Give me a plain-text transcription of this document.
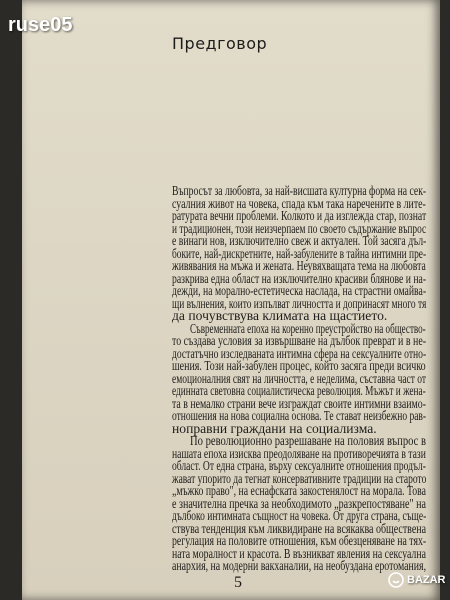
Предговор
Въпросът за любовта, за най-висшата културна форма на сек-
суалния живот на човека, спада към така наречените в лите-
ратурата вечни проблеми. Колкото и да изглежда стар, познат
и традиционен, този неизчерпаем по своето съдържание въпрос
е винаги нов, изключително свеж и актуален. Той засяга дъл-
боките, най-дискретните, най-забулените в тайна интимни пре-
живявания на мъжа и жената. Неувяхващата тема на любовта
разкрива една област на изключително красиви блянове и на-
дежди, на морално-естетическа наслада, на страстни омайва-
щи вълнения, които изпълват личността и допринасят много тя
да почувствува климата на щастието.
Съвременната епоха на коренно преустройство на общество-
то създава условия за извършване на дълбок преврат и в не-
достатъчно изследваната интимна сфера на сексуалните отно-
шения. Този най-забулен процес, който засяга преди всичко
емоционалния свят на личността, е неделима, съставна част от
единната световна социалистическа революция. Мъжът и жена-
та в немалко страни вече изграждат своите интимни взаимо-
отношения на нова социална основа. Те стават неизбежно рав-
ноправни граждани на социализма.
По революционно разрешаване на половия въпрос в
нашата епоха изисква преодоляване на противоречията в тази
област. От една страна, върху сексуалните отношения продъл-
жават упорито да тегнат консервативните традиции на старото
„мъжко право", на еснафската закостенялост на морала. Това
е значителна пречка за необходимото „разкрепостяване" на
дълбоко интимната същност на човека. От друга страна, съще-
ствува тенденция към ликвидиране на всякаква обществена
регулация на половите отношения, към обезценяване на тях-
ната моралност и красота. В възникват явления на сексуална
анархия, на модерни вакханалии, на необуздана еротомания,
5
ruse05
BAZAR
